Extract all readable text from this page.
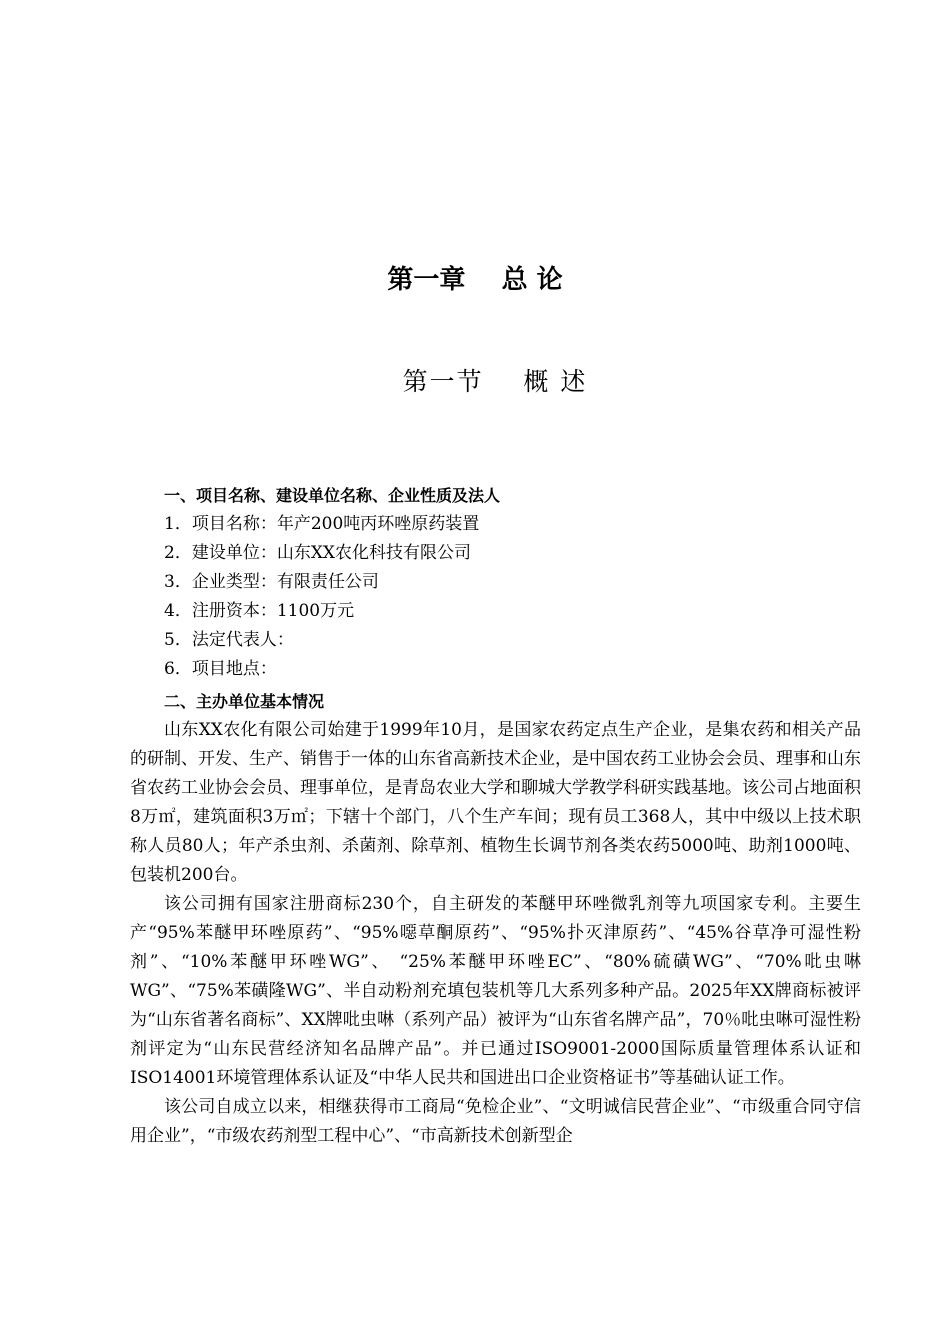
第一章    总 论
第一节    概 述
一、项目名称、建设单位名称、企业性质及法人
1．项目名称：年产200吨丙环唑原药装置
2．建设单位：山东XX农化科技有限公司
3．企业类型：有限责任公司
4．注册资本：1100万元
5．法定代表人：
6．项目地点：
二、主办单位基本情况

山东XX农化有限公司始建于1999年10月，是国家农药定点生产企业，是集农药和相关产品的研制、开发、生产、销售于一体的山东省高新技术企业，是中国农药工业协会会员、理事和山东省农药工业协会会员、理事单位，是青岛农业大学和聊城大学教学科研实践基地。该公司占地面积8万㎡，建筑面积3万㎡；下辖十个部门，八个生产车间；现有员工368人，其中中级以上技术职称人员80人；年产杀虫剂、杀菌剂、除草剂、植物生长调节剂各类农药5000吨、助剂1000吨、包装机200台。

该公司拥有国家注册商标230个，自主研发的苯醚甲环唑微乳剂等九项国家专利。主要生产“95%苯醚甲环唑原药”、“95%噁草酮原药”、“95%扑灭津原药”、“45%谷草净可湿性粉剂”、“10%苯醚甲环唑WG”、 “25%苯醚甲环唑EC”、“80%硫磺WG”、“70%吡虫啉WG”、“75%苯磺隆WG”、半自动粉剂充填包装机等几大系列多种产品。2025年XX牌商标被评为“山东省著名商标”、XX牌吡虫啉（系列产品）被评为“山东省名牌产品”，70％吡虫啉可湿性粉剂评定为“山东民营经济知名品牌产品”。并已通过ISO9001-2000国际质量管理体系认证和ISO14001环境管理体系认证及“中华人民共和国进出口企业资格证书”等基础认证工作。

该公司自成立以来，相继获得市工商局“免检企业”、“文明诚信民营企业”、“市级重合同守信用企业”，“市级农药剂型工程中心”、“市高新技术创新型企
